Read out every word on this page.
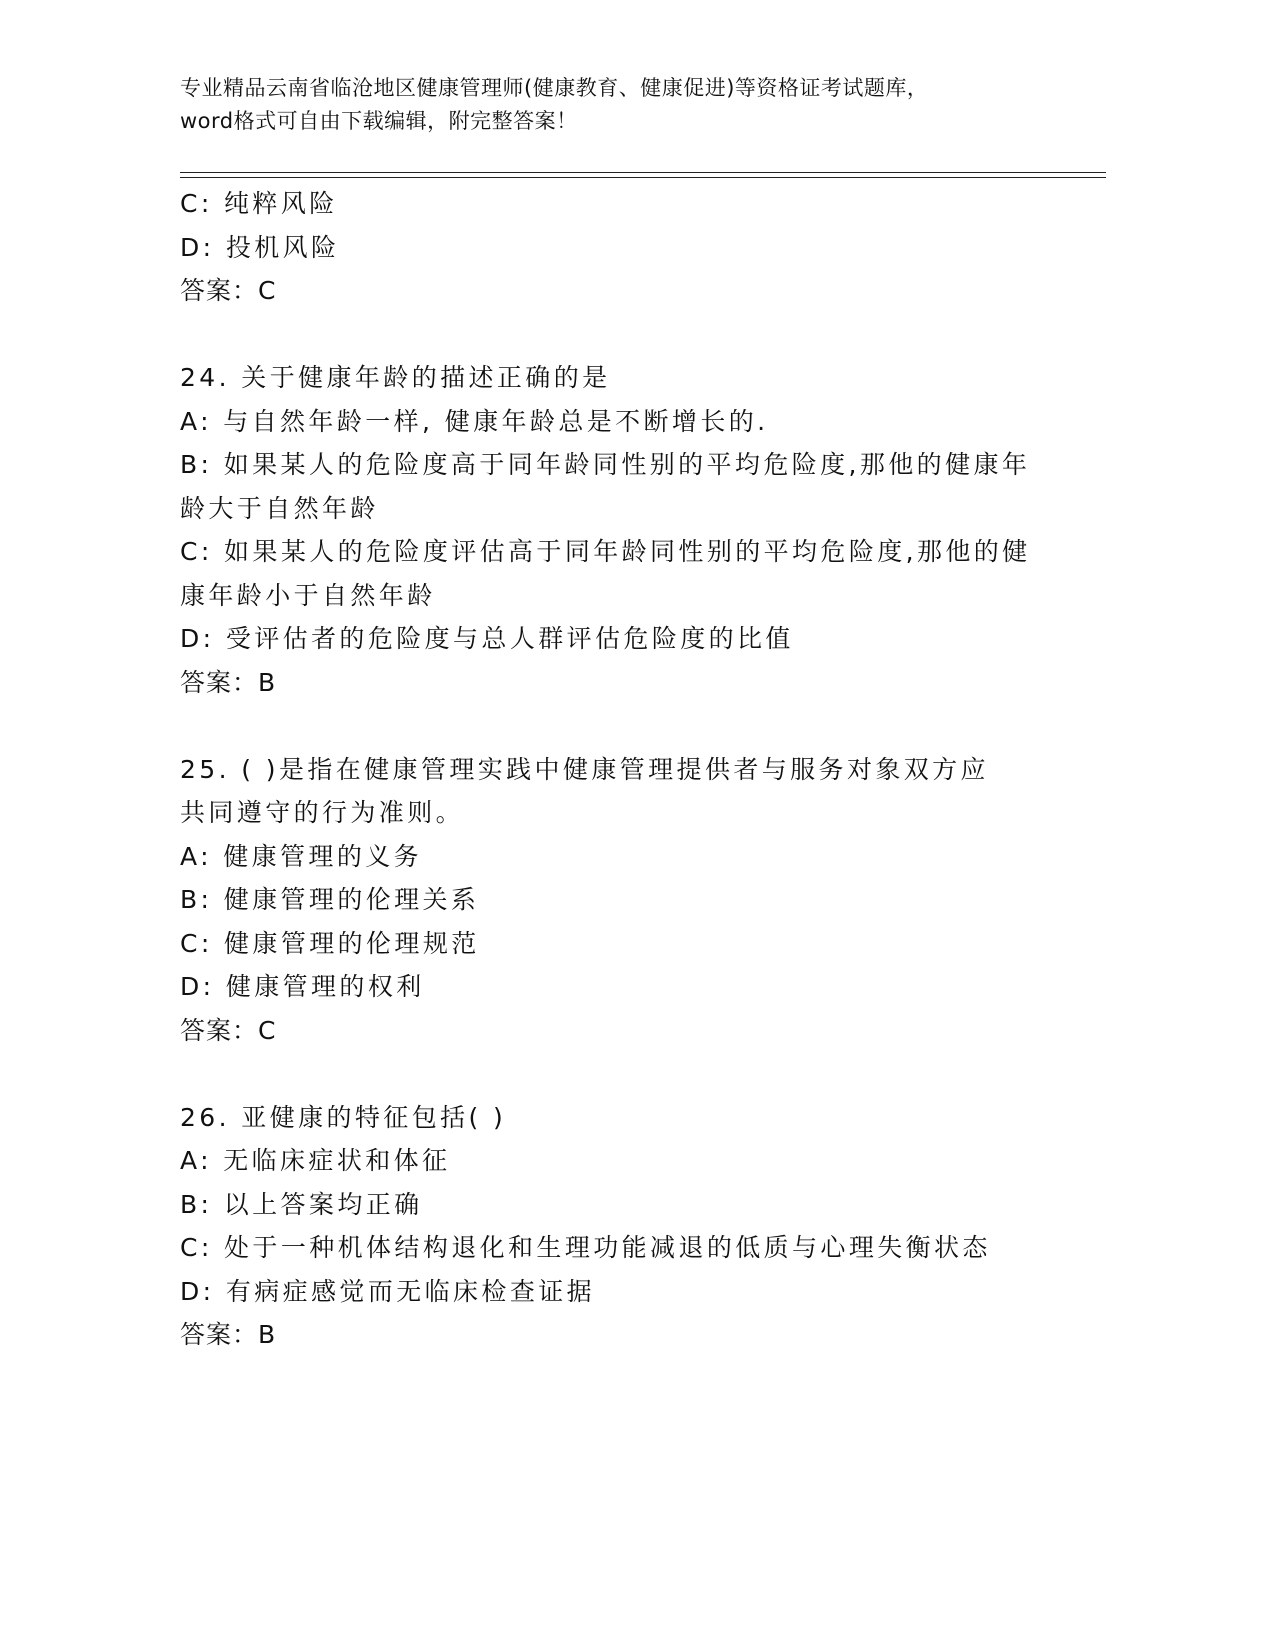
专业精品云南省临沧地区健康管理师(健康教育、健康促进)等资格证考试题库，
word格式可自由下载编辑，附完整答案！
C: 纯粹风险
D: 投机风险
答案：C
24. 关于健康年龄的描述正确的是
A: 与自然年龄一样, 健康年龄总是不断增长的.
B: 如果某人的危险度高于同年龄同性别的平均危险度,那他的健康年
龄大于自然年龄
C: 如果某人的危险度评估高于同年龄同性别的平均危险度,那他的健
康年龄小于自然年龄
D: 受评估者的危险度与总人群评估危险度的比值
答案：B
25. ( )是指在健康管理实践中健康管理提供者与服务对象双方应
共同遵守的行为准则。
A: 健康管理的义务
B: 健康管理的伦理关系
C: 健康管理的伦理规范
D: 健康管理的权利
答案：C
26. 亚健康的特征包括( )
A: 无临床症状和体征
B: 以上答案均正确
C: 处于一种机体结构退化和生理功能减退的低质与心理失衡状态
D: 有病症感觉而无临床检查证据
答案：B
